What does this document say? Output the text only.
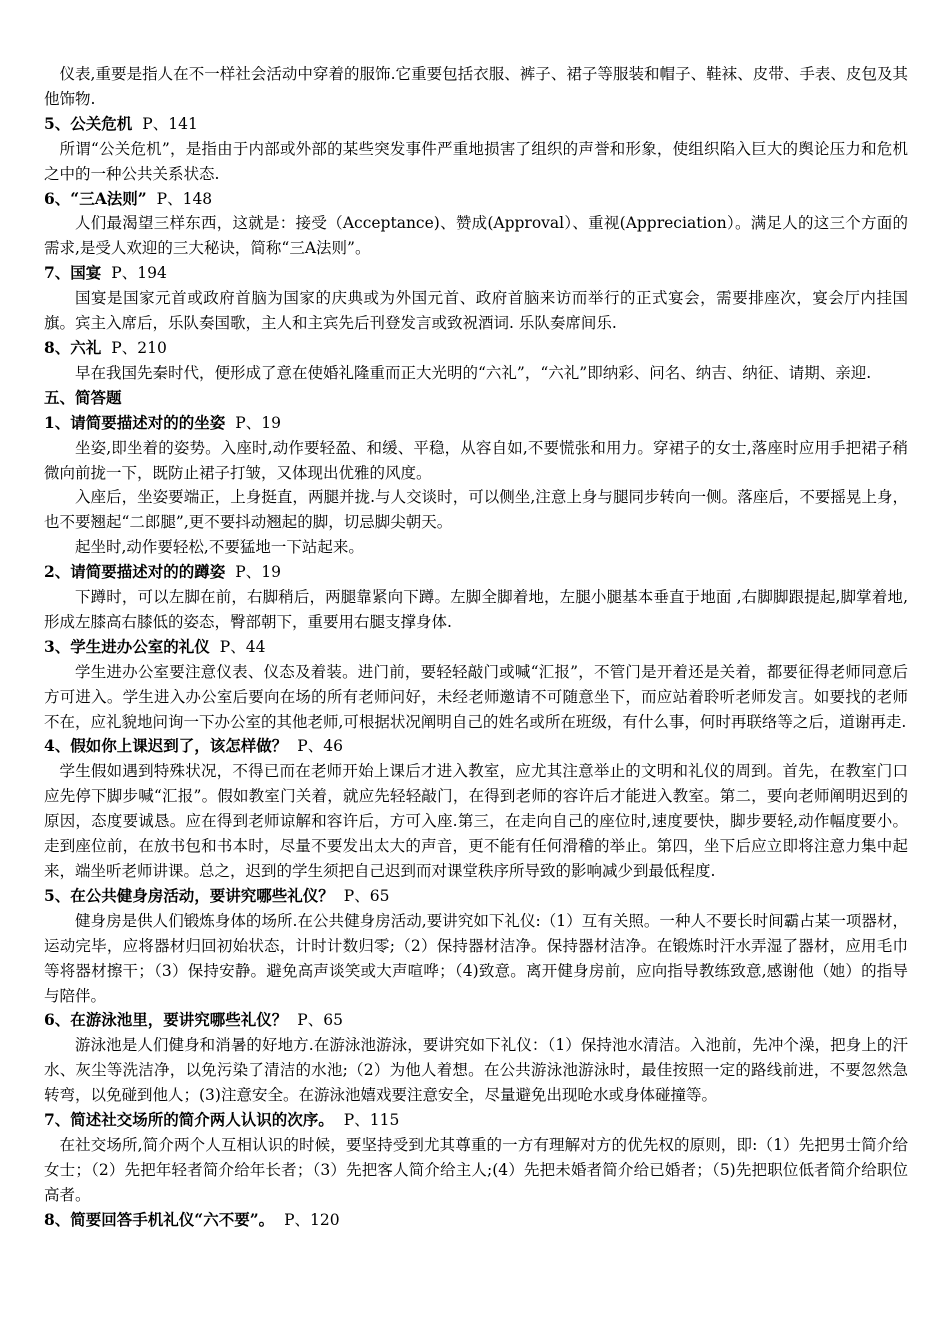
仪表,重要是指人在不一样社会活动中穿着的服饰.它重要包括衣服、裤子、裙子等服装和帽子、鞋袜、皮带、手表、皮包及其他饰物.

5、公关危机 P、141

所谓“公关危机”，是指由于内部或外部的某些突发事件严重地损害了组织的声誉和形象，使组织陷入巨大的舆论压力和危机之中的一种公共关系状态.

6、“三A法则” P、148

人们最渴望三样东西，这就是：接受（Acceptance)、赞成(Approval）、重视(Appreciation）。满足人的这三个方面的需求,是受人欢迎的三大秘诀，简称“三A法则”。

7、国宴 P、194

国宴是国家元首或政府首脑为国家的庆典或为外国元首、政府首脑来访而举行的正式宴会，需要排座次，宴会厅内挂国旗。宾主入席后，乐队奏国歌，主人和主宾先后刊登发言或致祝酒词. 乐队奏席间乐.

8、六礼 P、210

早在我国先秦时代，便形成了意在使婚礼隆重而正大光明的“六礼”，“六礼”即纳彩、问名、纳吉、纳征、请期、亲迎.

五、简答题
1、请简要描述对的的坐姿 P、19

坐姿,即坐着的姿势。入座时,动作要轻盈、和缓、平稳，从容自如,不要慌张和用力。穿裙子的女士,落座时应用手把裙子稍微向前拢一下，既防止裙子打皱，又体现出优雅的风度。

入座后，坐姿要端正，上身挺直，两腿并拢.与人交谈时，可以侧坐,注意上身与腿同步转向一侧。落座后，不要摇晃上身，也不要翘起“二郎腿”,更不要抖动翘起的脚，切忌脚尖朝天。

起坐时,动作要轻松,不要猛地一下站起来。

2、请简要描述对的的蹲姿 P、19

下蹲时，可以左脚在前，右脚稍后，两腿靠紧向下蹲。左脚全脚着地，左腿小腿基本垂直于地面 ,右脚脚跟提起,脚掌着地,形成左膝高右膝低的姿态，臀部朝下，重要用右腿支撑身体.

3、学生进办公室的礼仪 P、44

学生进办公室要注意仪表、仪态及着装。进门前，要轻轻敲门或喊“汇报”，不管门是开着还是关着，都要征得老师同意后方可进入。学生进入办公室后要向在场的所有老师问好，未经老师邀请不可随意坐下，而应站着聆听老师发言。如要找的老师不在，应礼貌地问询一下办公室的其他老师,可根据状况阐明自己的姓名或所在班级，有什么事，何时再联络等之后，道谢再走.

4、假如你上课迟到了，该怎样做？ P、46

学生假如遇到特殊状况，不得已而在老师开始上课后才进入教室，应尤其注意举止的文明和礼仪的周到。首先，在教室门口应先停下脚步喊“汇报”。假如教室门关着，就应先轻轻敲门，在得到老师的容许后才能进入教室。第二，要向老师阐明迟到的原因，态度要诚恳。应在得到老师谅解和容许后，方可入座.第三，在走向自己的座位时,速度要快，脚步要轻,动作幅度要小。走到座位前，在放书包和书本时，尽量不要发出太大的声音，更不能有任何滑稽的举止。第四，坐下后应立即将注意力集中起来，端坐听老师讲课。总之，迟到的学生须把自己迟到而对课堂秩序所导致的影响减少到最低程度.

5、在公共健身房活动，要讲究哪些礼仪？ P、65

健身房是供人们锻炼身体的场所.在公共健身房活动,要讲究如下礼仪:（1）互有关照。一种人不要长时间霸占某一项器材，运动完毕，应将器材归回初始状态，计时计数归零;（2）保持器材洁净。保持器材洁净。在锻炼时汗水弄湿了器材，应用毛巾等将器材擦干；（3）保持安静。避免高声谈笑或大声喧哗；（4)致意。离开健身房前，应向指导教练致意,感谢他（她）的指导与陪伴。

6、在游泳池里，要讲究哪些礼仪？ P、65

游泳池是人们健身和消暑的好地方.在游泳池游泳，要讲究如下礼仪：（1）保持池水清洁。入池前，先冲个澡，把身上的汗水、灰尘等洗洁净，以免污染了清洁的水池;（2）为他人着想。在公共游泳池游泳时，最佳按照一定的路线前进，不要忽然急转弯，以免碰到他人；(3)注意安全。在游泳池嬉戏要注意安全，尽量避免出现呛水或身体碰撞等。

7、简述社交场所的简介两人认识的次序。 P、115

在社交场所,简介两个人互相认识的时候，要坚持受到尤其尊重的一方有理解对方的优先权的原则，即:（1）先把男士简介给女士；（2）先把年轻者简介给年长者；（3）先把客人简介给主人;(4）先把未婚者简介给已婚者；（5)先把职位低者简介给职位高者。

8、简要回答手机礼仪“六不要”。 P、120
